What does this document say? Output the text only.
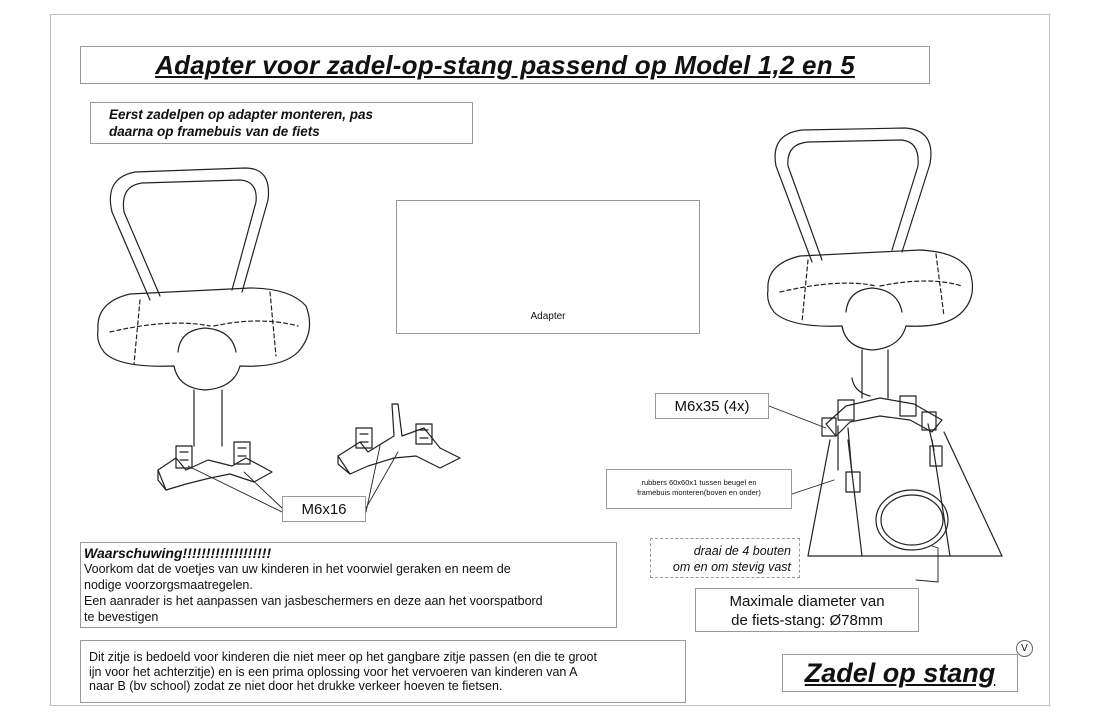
Adapter voor zadel-op-stang passend op Model 1,2 en 5
Eerst zadelpen op adapter monteren, pas
daarna op framebuis van de fiets
Adapter
M6x16
M6x35 (4x)
rubbers 60x60x1 tussen beugel en
framebuis monteren(boven en onder)
draai de 4 bouten
om en om stevig vast
Maximale diameter van
de fiets-stang: Ø78mm
Waarschuwing!!!!!!!!!!!!!!!!!!!
Voorkom dat de voetjes van uw kinderen in het voorwiel geraken en neem de
nodige voorzorgsmaatregelen.
Een aanrader is het aanpassen van jasbeschermers en deze aan het voorspatbord
te bevestigen
Dit zitje is bedoeld voor kinderen die niet meer op het gangbare zitje passen (en die te groot
ijn voor het achterzitje) en is een prima oplossing voor het vervoeren van kinderen van A
naar B (bv school) zodat ze niet door het drukke verkeer hoeven te fietsen.	Zadel op stang
V
